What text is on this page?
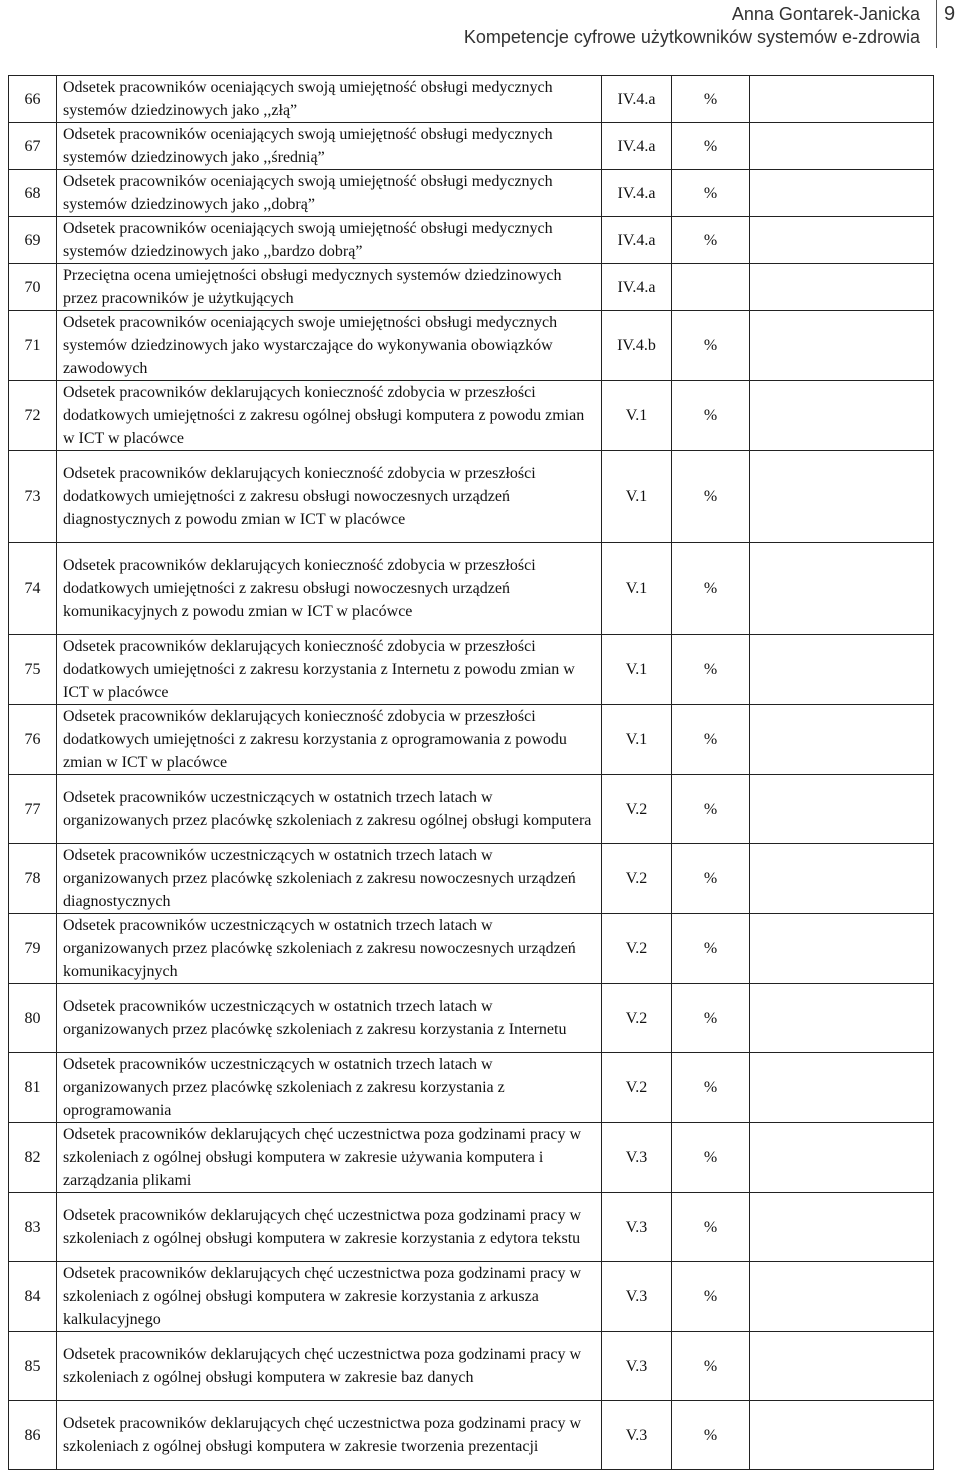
Anna Gontarek-Janicka
Kompetencje cyfrowe użytkowników systemów e-zdrowia
9
66	Odsetek pracowników oceniających swoją umiejętność obsługi medycznych systemów dziedzinowych jako ,,złą”	IV.4.a	%	
67	Odsetek pracowników oceniających swoją umiejętność obsługi medycznych systemów dziedzinowych jako ,,średnią”	IV.4.a	%	
68	Odsetek pracowników oceniających swoją umiejętność obsługi medycznych systemów dziedzinowych jako ,,dobrą”	IV.4.a	%	
69	Odsetek pracowników oceniających swoją umiejętność obsługi medycznych systemów dziedzinowych jako ,,bardzo dobrą”	IV.4.a	%	
70	Przeciętna ocena umiejętności obsługi medycznych systemów dziedzinowych przez pracowników je użytkujących	IV.4.a		
71	Odsetek pracowników oceniających swoje umiejętności obsługi medycznych systemów dziedzinowych jako wystarczające do wykonywania obowiązków zawodowych	IV.4.b	%	
72	Odsetek pracowników deklarujących konieczność zdobycia w przeszłości dodatkowych umiejętności z zakresu ogólnej obsługi komputera z powodu zmian w ICT w placówce	V.1	%	
73	Odsetek pracowników deklarujących konieczność zdobycia w przeszłości dodatkowych umiejętności z zakresu obsługi nowoczesnych urządzeń diagnostycznych z powodu zmian w ICT w placówce	V.1	%	
74	Odsetek pracowników deklarujących konieczność zdobycia w przeszłości dodatkowych umiejętności z zakresu obsługi nowoczesnych urządzeń komunikacyjnych z powodu zmian w ICT w placówce	V.1	%	
75	Odsetek pracowników deklarujących konieczność zdobycia w przeszłości dodatkowych umiejętności z zakresu korzystania z Internetu z powodu zmian w ICT w placówce	V.1	%	
76	Odsetek pracowników deklarujących konieczność zdobycia w przeszłości dodatkowych umiejętności z zakresu korzystania z oprogramowania z powodu zmian w ICT w placówce	V.1	%	
77	Odsetek pracowników uczestniczących w ostatnich trzech latach w organizowanych przez placówkę szkoleniach z zakresu ogólnej obsługi komputera	V.2	%	
78	Odsetek pracowników uczestniczących w ostatnich trzech latach w organizowanych przez placówkę szkoleniach z zakresu nowoczesnych urządzeń diagnostycznych	V.2	%	
79	Odsetek pracowników uczestniczących w ostatnich trzech latach w organizowanych przez placówkę szkoleniach z zakresu nowoczesnych urządzeń komunikacyjnych	V.2	%	
80	Odsetek pracowników uczestniczących w ostatnich trzech latach w organizowanych przez placówkę szkoleniach z zakresu korzystania z Internetu	V.2	%	
81	Odsetek pracowników uczestniczących w ostatnich trzech latach w organizowanych przez placówkę szkoleniach z zakresu korzystania z oprogramowania	V.2	%	
82	Odsetek pracowników deklarujących chęć uczestnictwa poza godzinami pracy w szkoleniach z ogólnej obsługi komputera w zakresie używania komputera i zarządzania plikami	V.3	%	
83	Odsetek pracowników deklarujących chęć uczestnictwa poza godzinami pracy w szkoleniach z ogólnej obsługi komputera w zakresie korzystania z edytora tekstu	V.3	%	
84	Odsetek pracowników deklarujących chęć uczestnictwa poza godzinami pracy w szkoleniach z ogólnej obsługi komputera w zakresie korzystania z arkusza kalkulacyjnego	V.3	%	
85	Odsetek pracowników deklarujących chęć uczestnictwa poza godzinami pracy w szkoleniach z ogólnej obsługi komputera w zakresie baz danych	V.3	%	
86	Odsetek pracowników deklarujących chęć uczestnictwa poza godzinami pracy w szkoleniach z ogólnej obsługi komputera w zakresie tworzenia prezentacji	V.3	%	
